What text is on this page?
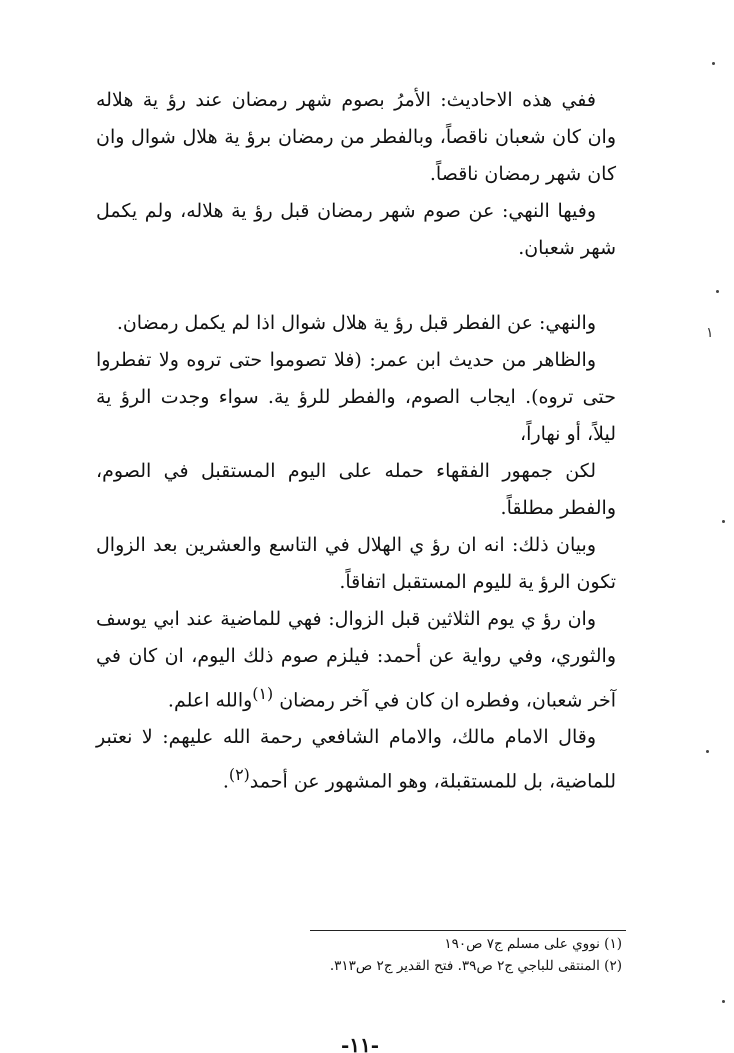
ففي هذه الاحاديث: الأمرُ بصوم شهر رمضان عند رؤ ية هلاله وان كان شعبان ناقصاً، وبالفطر من رمضان برؤ ية هلال شوال وان كان شهر رمضان ناقصاً.

وفيها النهي: عن صوم شهر رمضان قبل رؤ ية هلاله، ولم يكمل شهر شعبان.

والنهي: عن الفطر قبل رؤ ية هلال شوال اذا لم يكمل رمضان.

والظاهر من حديث ابن عمر: (فلا تصوموا حتى تروه ولا تفطروا حتى تروه). ايجاب الصوم، والفطر للرؤ ية. سواء وجدت الرؤ ية ليلاً، أو نهاراً،

لكن جمهور الفقهاء حمله على اليوم المستقبل في الصوم، والفطر مطلقاً.

وبيان ذلك: انه ان رؤ ي الهلال في التاسع والعشرين بعد الزوال تكون الرؤ ية لليوم المستقبل اتفاقاً.

وان رؤ ي يوم الثلاثين قبل الزوال: فهي للماضية عند ابي يوسف والثوري، وفي رواية عن أحمد: فيلزم صوم ذلك اليوم، ان كان في آخر شعبان، وفطره ان كان في آخر رمضان $^{(١)}$والله اعلم.

وقال الامام مالك، والامام الشافعي رحمة الله عليهم: لا نعتبر للماضية، بل للمستقبلة، وهو المشهور عن أحمد$^{(٢)}$.

(١) نووي على مسلم ج٧ ص١٩٠
(٢) المنتقى للباجي ج٢ ص٣٩. فتح القدير ج٢ ص٣١٣.
-١١-
١
